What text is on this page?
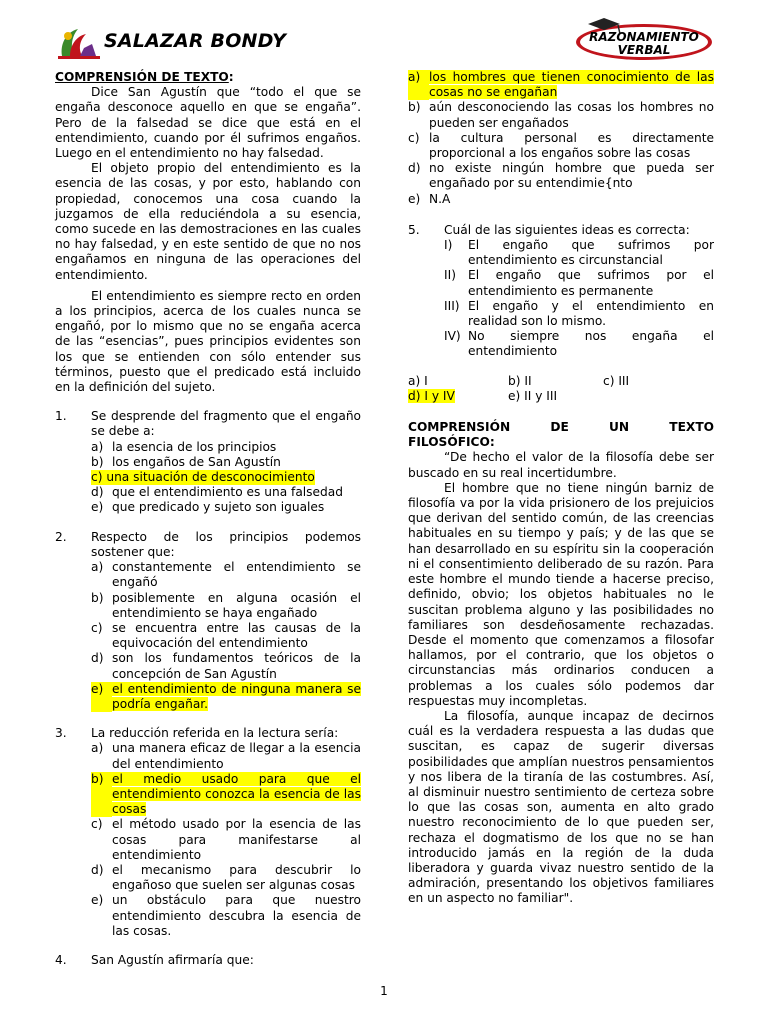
SALAZAR BONDY	RAZONAMIENTO
VERBAL
COMPRENSIÓN DE TEXTO:

Dice San Agustín que “todo el que se engaña desconoce aquello en que se engaña”. Pero de la falsedad se dice que está en el entendimiento, cuando por él sufrimos engaños. Luego en el entendimiento no hay falsedad.

El objeto propio del entendimiento es la esencia de las cosas, y por esto, hablando con propiedad, conocemos una cosa cuando la juzgamos de ella reduciéndola a su esencia, como sucede en las demostraciones en las cuales no hay falsedad, y en este sentido de que no nos engañamos en ninguna de las operaciones del entendimiento.

El entendimiento es siempre recto en orden a los principios, acerca de los cuales nunca se engañó, por lo mismo que no se engaña acerca de las “esencias”, pues principios evidentes son los que se entienden con sólo entender sus términos, puesto que el predicado está incluido en la definición del sujeto.

1.	Se desprende del fragmento que el engaño se debe a:
a) la esencia de los principios
b) los engaños de San Agustín
c) una situación de desconocimiento
d) que el entendimiento es una falsedad
e) que predicado y sujeto son iguales
2.	Respecto de los principios podemos sostener que:
a) constantemente el entendimiento se engañó
b) posiblemente en alguna ocasión el entendimiento se haya engañado
c) se encuentra entre las causas de la equivocación del entendimiento
d) son los fundamentos teóricos de la concepción de San Agustín
e) el entendimiento de ninguna manera se podría engañar.
3.	La reducción referida en la lectura sería:
a) una manera eficaz de llegar a la esencia del entendimiento
b) el medio usado para que el entendimiento conozca la esencia de las cosas
c) el método usado por la esencia de las cosas para manifestarse al entendimiento
d) el mecanismo para descubrir lo engañoso que suelen ser algunas cosas
e) un obstáculo para que nuestro entendimiento descubra la esencia de las cosas.
4.	San Agustín afirmaría que:
a) los hombres que tienen conocimiento de las cosas no se engañan
b) aún desconociendo las cosas los hombres no pueden ser engañados
c) la cultura personal es directamente proporcional a los engaños sobre las cosas
d) no existe ningún hombre que pueda ser engañado por su entendimie{nto
e) N.A
5.	Cuál de las siguientes ideas es correcta:
I)	El engaño que sufrimos por entendimiento es circunstancial
II) El engaño que sufrimos por el entendimiento es permanente
III) El engaño y el entendimiento en realidad son lo mismo.
IV) No siempre nos engaña el entendimiento
a) I	b) II	c) III
d) I y IV	e) II y III
COMPRENSIÓN DE UN TEXTO
FILOSÓFICO:

“De hecho el valor de la filosofía debe ser buscado en su real incertidumbre.

El hombre que no tiene ningún barniz de filosofía va por la vida prisionero de los prejuicios que derivan del sentido común, de las creencias habituales en su tiempo y país; y de las que se han desarrollado en su espíritu sin la cooperación ni el consentimiento deliberado de su razón. Para este hombre el mundo tiende a hacerse preciso, definido, obvio; los objetos habituales no le suscitan problema alguno y las posibilidades no familiares son desdeñosamente rechazadas. Desde el momento que comenzamos a filosofar hallamos, por el contrario, que los objetos o circunstancias más ordinarios conducen a problemas a los cuales sólo podemos dar respuestas muy incompletas.

La filosofía, aunque incapaz de decirnos cuál es la verdadera respuesta a las dudas que suscitan, es capaz de sugerir diversas posibilidades que amplían nuestros pensamientos y nos libera de la tiranía de las costumbres. Así, al disminuir nuestro sentimiento de certeza sobre lo que las cosas son, aumenta en alto grado nuestro reconocimiento de lo que pueden ser, rechaza el dogmatismo de los que no se han introducido jamás en la región de la duda liberadora y guarda vivaz nuestro sentido de la admiración, presentando los objetivos familiares en un aspecto no familiar".

1
